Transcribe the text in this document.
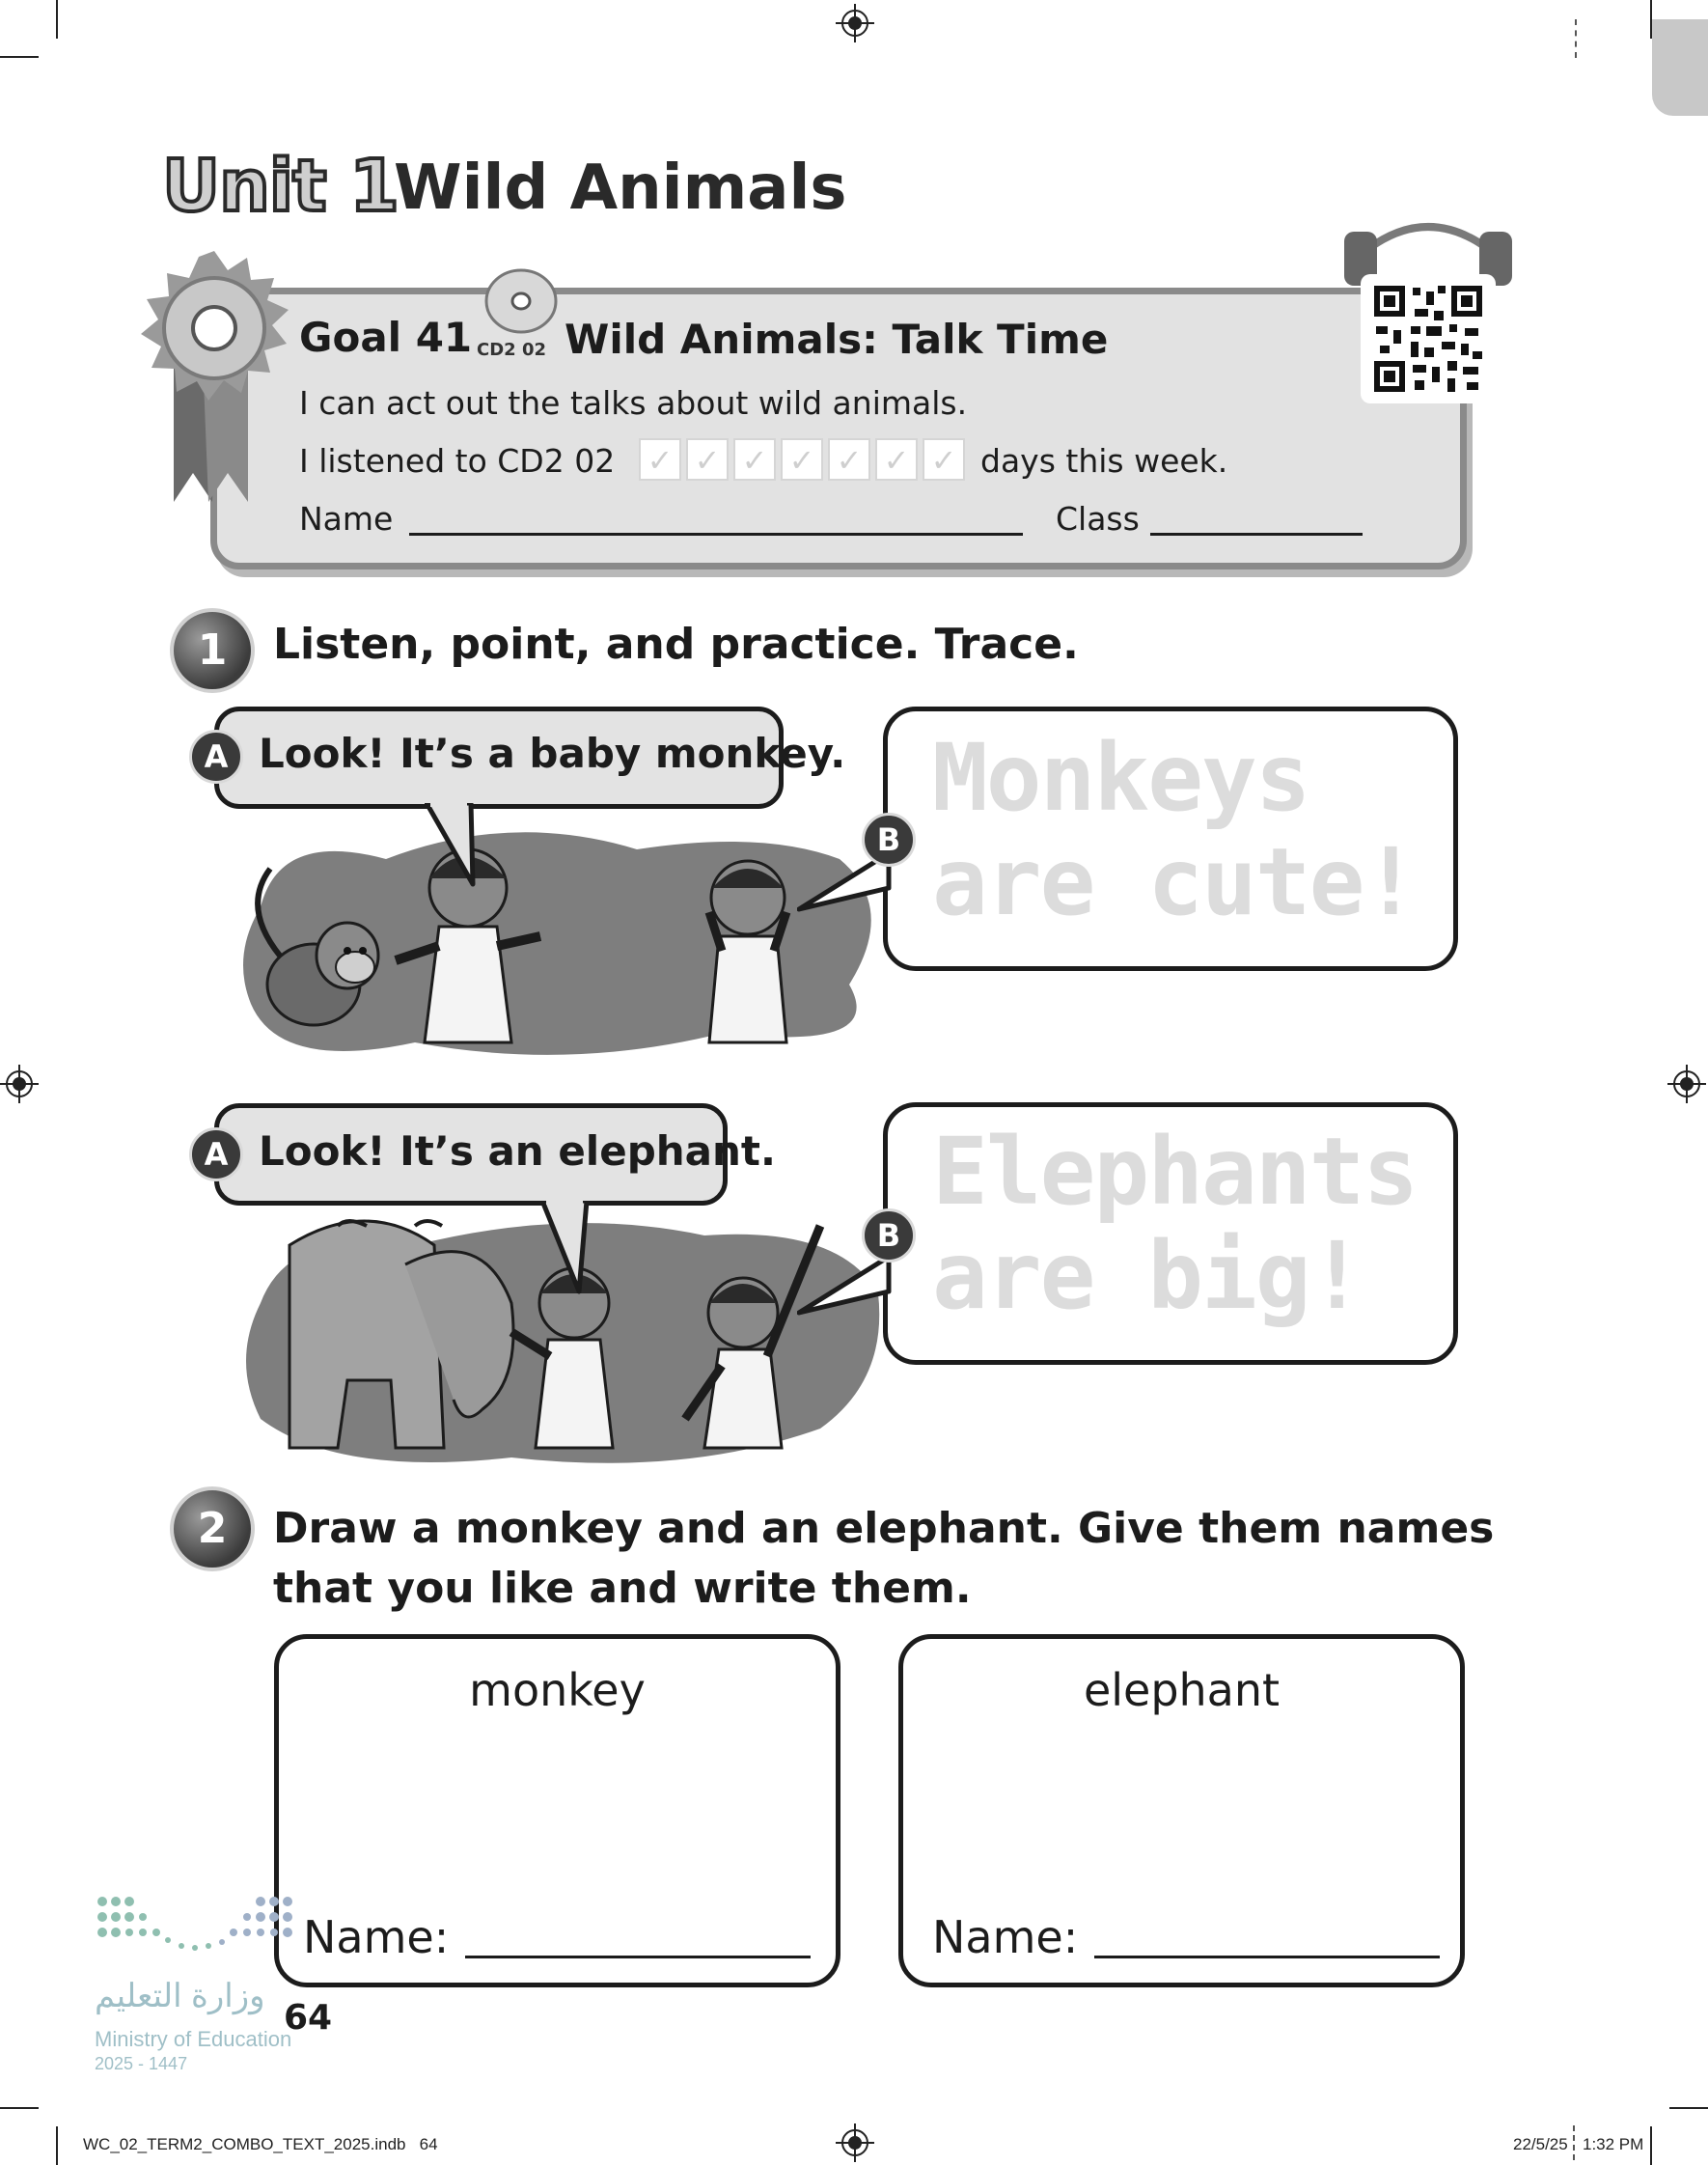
Unit 1
Wild Animals
Goal 41 CD2 02 Wild Animals: Talk Time
I can act out the talks about wild animals.
I listened to CD2 02 ✓ ✓ ✓ ✓ ✓ ✓ ✓ days this week.
Name	Class
1	Listen, point, and practice. Trace.
A Look! It’s a baby monkey.
B
Monkeys
are cute!
A Look! It’s an elephant.
B
Elephants
are big!
2	Draw a monkey and an elephant. Give them names
that you like and write them.
monkey
Name:
elephant
Name:
وزارة التعليم
Ministry of Education
2025 - 1447
64
WC_02_TERM2_COMBO_TEXT_2025.indb   64	22/5/25 1:32 PM
